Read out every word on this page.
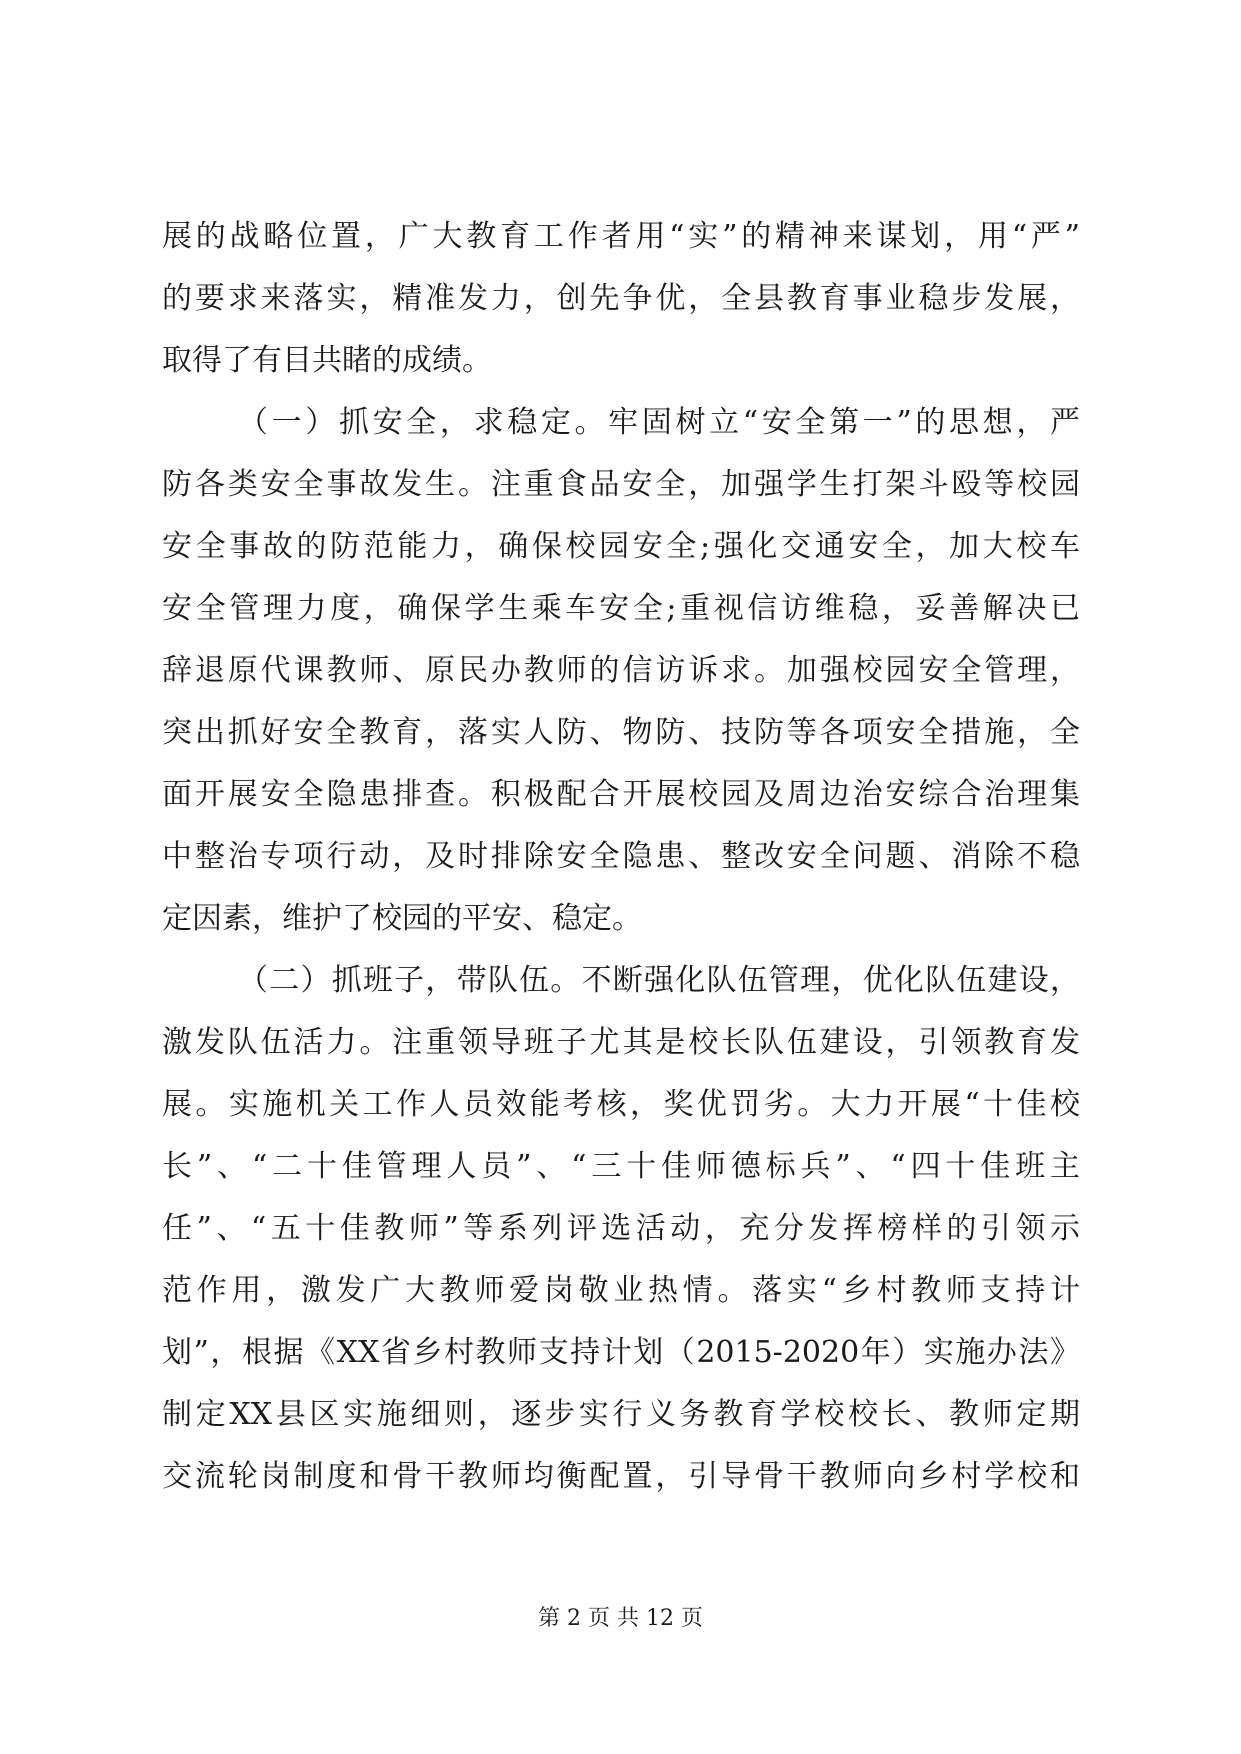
展的战略位置，广大教育工作者用“实”的精神来谋划，用“严”
的要求来落实，精准发力，创先争优，全县教育事业稳步发展，
取得了有目共睹的成绩。
（一）抓安全，求稳定。牢固树立“安全第一”的思想，严
防各类安全事故发生。注重食品安全，加强学生打架斗殴等校园
安全事故的防范能力，确保校园安全;强化交通安全，加大校车
安全管理力度，确保学生乘车安全;重视信访维稳，妥善解决已
辞退原代课教师、原民办教师的信访诉求。加强校园安全管理，
突出抓好安全教育，落实人防、物防、技防等各项安全措施，全
面开展安全隐患排查。积极配合开展校园及周边治安综合治理集
中整治专项行动，及时排除安全隐患、整改安全问题、消除不稳
定因素，维护了校园的平安、稳定。
（二）抓班子，带队伍。不断强化队伍管理，优化队伍建设，
激发队伍活力。注重领导班子尤其是校长队伍建设，引领教育发
展。实施机关工作人员效能考核，奖优罚劣。大力开展“十佳校
长”、“二十佳管理人员”、“三十佳师德标兵”、“四十佳班主
任”、“五十佳教师”等系列评选活动，充分发挥榜样的引领示
范作用，激发广大教师爱岗敬业热情。落实“乡村教师支持计
划”，根据《XX省乡村教师支持计划（2015-2020年）实施办法》
制定XX县区实施细则，逐步实行义务教育学校校长、教师定期
交流轮岗制度和骨干教师均衡配置，引导骨干教师向乡村学校和
第 2 页 共 12 页
